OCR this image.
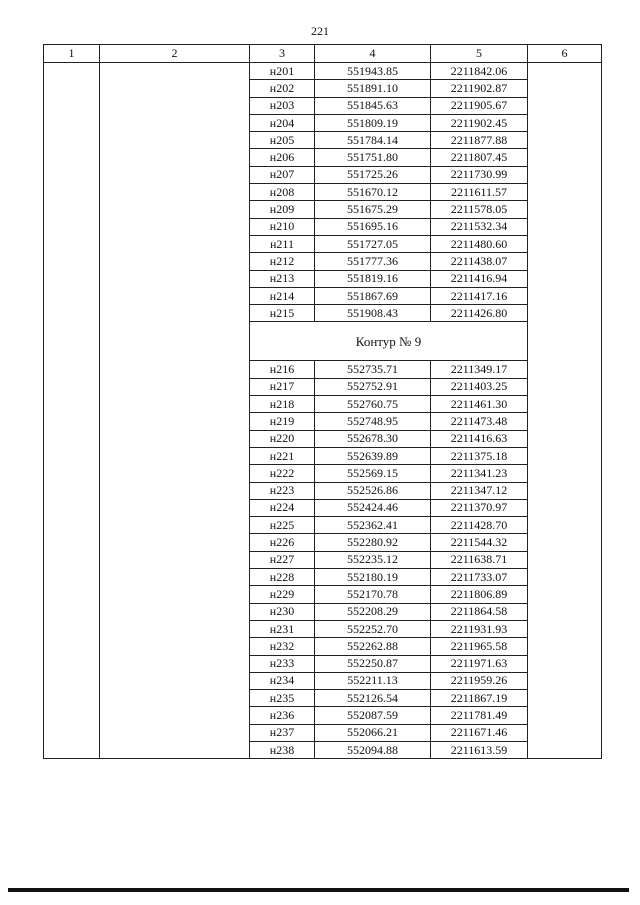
221
1	2	3	4	5	6
		н201	551943.85	2211842.06	
		н202	551891.10	2211902.87	
		н203	551845.63	2211905.67	
		н204	551809.19	2211902.45	
		н205	551784.14	2211877.88	
		н206	551751.80	2211807.45	
		н207	551725.26	2211730.99	
		н208	551670.12	2211611.57	
		н209	551675.29	2211578.05	
		н210	551695.16	2211532.34	
		н211	551727.05	2211480.60	
		н212	551777.36	2211438.07	
		н213	551819.16	2211416.94	
		н214	551867.69	2211417.16	
		н215	551908.43	2211426.80	
		Контур № 9			
		н216	552735.71	2211349.17	
		н217	552752.91	2211403.25	
		н218	552760.75	2211461.30	
		н219	552748.95	2211473.48	
		н220	552678.30	2211416.63	
		н221	552639.89	2211375.18	
		н222	552569.15	2211341.23	
		н223	552526.86	2211347.12	
		н224	552424.46	2211370.97	
		н225	552362.41	2211428.70	
		н226	552280.92	2211544.32	
		н227	552235.12	2211638.71	
		н228	552180.19	2211733.07	
		н229	552170.78	2211806.89	
		н230	552208.29	2211864.58	
		н231	552252.70	2211931.93	
		н232	552262.88	2211965.58	
		н233	552250.87	2211971.63	
		н234	552211.13	2211959.26	
		н235	552126.54	2211867.19	
		н236	552087.59	2211781.49	
		н237	552066.21	2211671.46	
		н238	552094.88	2211613.59	
